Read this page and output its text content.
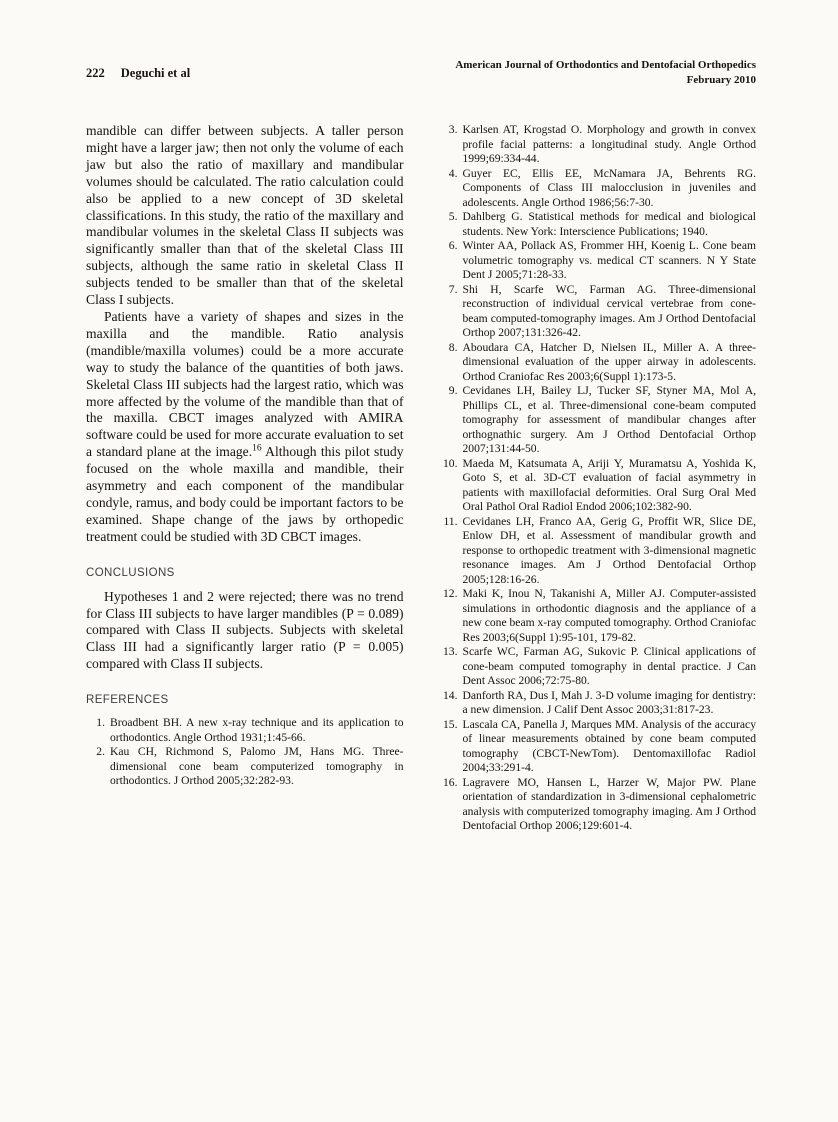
222 Deguchi et al
American Journal of Orthodontics and Dentofacial Orthopedics
February 2010

mandible can differ between subjects. A taller person might have a larger jaw; then not only the volume of each jaw but also the ratio of maxillary and mandibular volumes should be calculated. The ratio calculation could also be applied to a new concept of 3D skeletal classifications. In this study, the ratio of the maxillary and mandibular volumes in the skeletal Class II subjects was significantly smaller than that of the skeletal Class III subjects, although the same ratio in skeletal Class II subjects tended to be smaller than that of the skeletal Class I subjects.

Patients have a variety of shapes and sizes in the maxilla and the mandible. Ratio analysis (mandible/maxilla volumes) could be a more accurate way to study the balance of the quantities of both jaws. Skeletal Class III subjects had the largest ratio, which was more affected by the volume of the mandible than that of the maxilla. CBCT images analyzed with AMIRA software could be used for more accurate evaluation to set a standard plane at the image.$^{16}$ Although this pilot study focused on the whole maxilla and mandible, their asymmetry and each component of the mandibular condyle, ramus, and body could be important factors to be examined. Shape change of the jaws by orthopedic treatment could be studied with 3D CBCT images.

CONCLUSIONS

Hypotheses 1 and 2 were rejected; there was no trend for Class III subjects to have larger mandibles (P = 0.089) compared with Class II subjects. Subjects with skeletal Class III had a significantly larger ratio (P = 0.005) compared with Class II subjects.

REFERENCES
1. Broadbent BH. A new x-ray technique and its application to orthodontics. Angle Orthod 1931;1:45-66.
2. Kau CH, Richmond S, Palomo JM, Hans MG. Three-dimensional cone beam computerized tomography in orthodontics. J Orthod 2005;32:282-93.
3. Karlsen AT, Krogstad O. Morphology and growth in convex profile facial patterns: a longitudinal study. Angle Orthod 1999;69:334-44.
4. Guyer EC, Ellis EE, McNamara JA, Behrents RG. Components of Class III malocclusion in juveniles and adolescents. Angle Orthod 1986;56:7-30.
5. Dahlberg G. Statistical methods for medical and biological students. New York: Interscience Publications; 1940.
6. Winter AA, Pollack AS, Frommer HH, Koenig L. Cone beam volumetric tomography vs. medical CT scanners. N Y State Dent J 2005;71:28-33.
7. Shi H, Scarfe WC, Farman AG. Three-dimensional reconstruction of individual cervical vertebrae from cone-beam computed-tomography images. Am J Orthod Dentofacial Orthop 2007;131:326-42.
8. Aboudara CA, Hatcher D, Nielsen IL, Miller A. A three-dimensional evaluation of the upper airway in adolescents. Orthod Craniofac Res 2003;6(Suppl 1):173-5.
9. Cevidanes LH, Bailey LJ, Tucker SF, Styner MA, Mol A, Phillips CL, et al. Three-dimensional cone-beam computed tomography for assessment of mandibular changes after orthognathic surgery. Am J Orthod Dentofacial Orthop 2007;131:44-50.
10. Maeda M, Katsumata A, Ariji Y, Muramatsu A, Yoshida K, Goto S, et al. 3D-CT evaluation of facial asymmetry in patients with maxillofacial deformities. Oral Surg Oral Med Oral Pathol Oral Radiol Endod 2006;102:382-90.
11. Cevidanes LH, Franco AA, Gerig G, Proffit WR, Slice DE, Enlow DH, et al. Assessment of mandibular growth and response to orthopedic treatment with 3-dimensional magnetic resonance images. Am J Orthod Dentofacial Orthop 2005;128:16-26.
12. Maki K, Inou N, Takanishi A, Miller AJ. Computer-assisted simulations in orthodontic diagnosis and the appliance of a new cone beam x-ray computed tomography. Orthod Craniofac Res 2003;6(Suppl 1):95-101, 179-82.
13. Scarfe WC, Farman AG, Sukovic P. Clinical applications of cone-beam computed tomography in dental practice. J Can Dent Assoc 2006;72:75-80.
14. Danforth RA, Dus I, Mah J. 3-D volume imaging for dentistry: a new dimension. J Calif Dent Assoc 2003;31:817-23.
15. Lascala CA, Panella J, Marques MM. Analysis of the accuracy of linear measurements obtained by cone beam computed tomography (CBCT-NewTom). Dentomaxillofac Radiol 2004;33:291-4.
16. Lagravere MO, Hansen L, Harzer W, Major PW. Plane orientation of standardization in 3-dimensional cephalometric analysis with computerized tomography imaging. Am J Orthod Dentofacial Orthop 2006;129:601-4.
